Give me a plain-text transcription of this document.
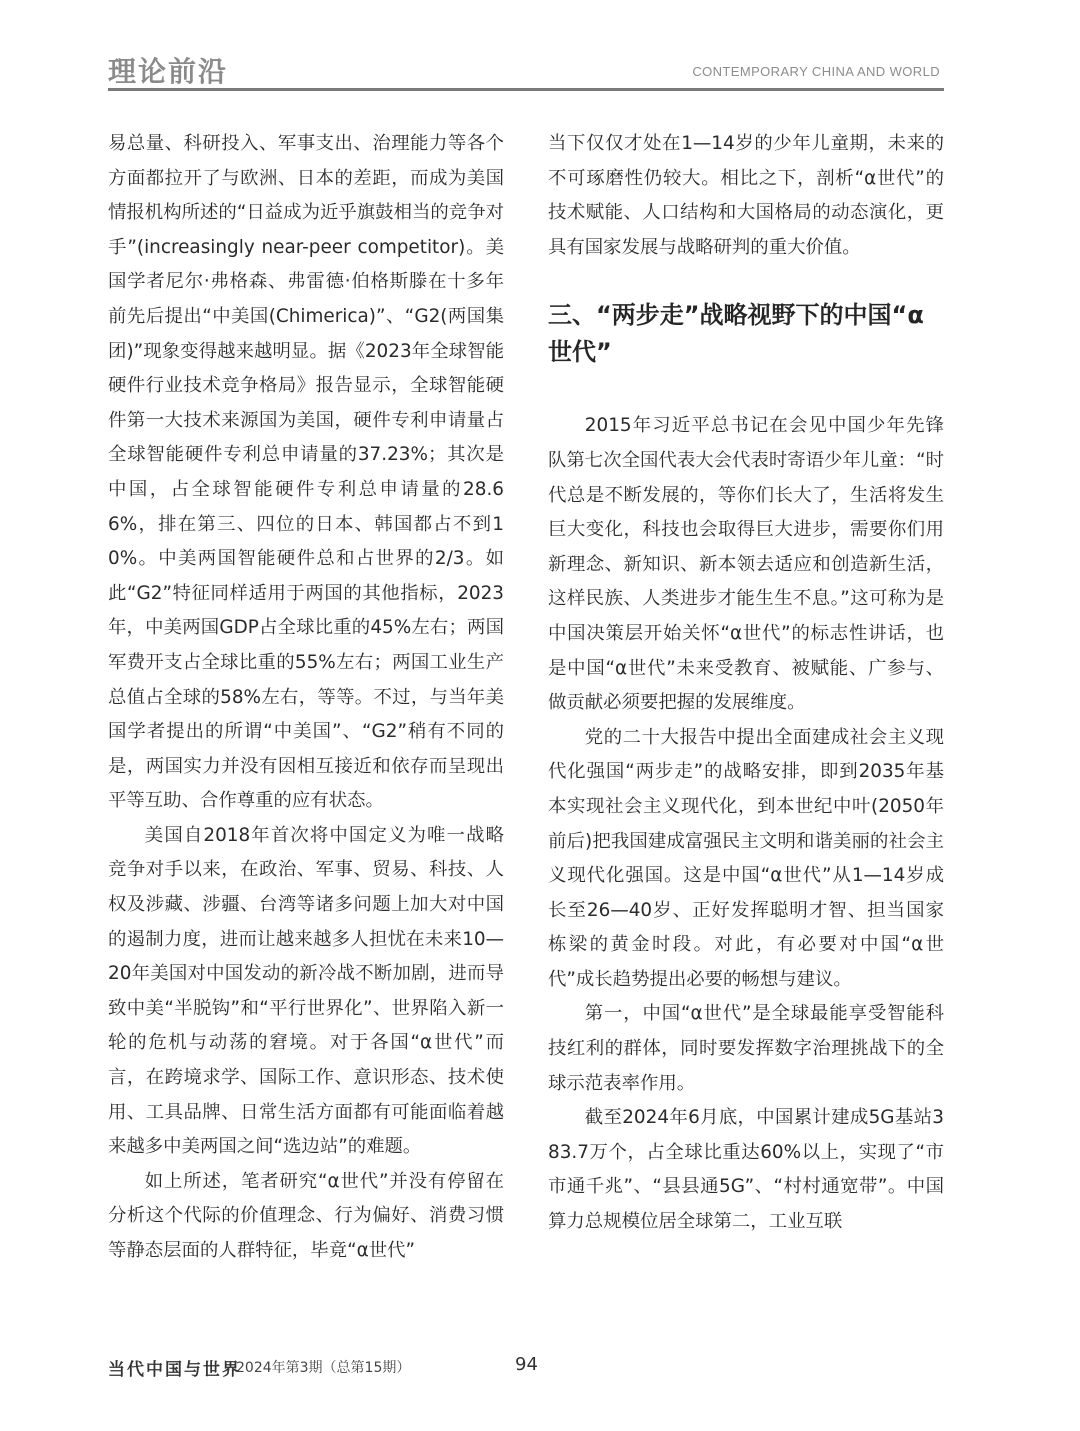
理论前沿	CONTEMPORARY CHINA AND WORLD

易总量、科研投入、军事支出、治理能力等各个方面都拉开了与欧洲、日本的差距，而成为美国情报机构所述的“日益成为近乎旗鼓相当的竞争对手”(increasingly near-peer competitor)。美国学者尼尔·弗格森、弗雷德·伯格斯滕在十多年前先后提出“中美国(Chimerica)”、“G2(两国集团)”现象变得越来越明显。据《2023年全球智能硬件行业技术竞争格局》报告显示，全球智能硬件第一大技术来源国为美国，硬件专利申请量占全球智能硬件专利总申请量的37.23%；其次是中国，占全球智能硬件专利总申请量的28.66%，排在第三、四位的日本、韩国都占不到10%。中美两国智能硬件总和占世界的2/3。如此“G2”特征同样适用于两国的其他指标，2023年，中美两国GDP占全球比重的45%左右；两国军费开支占全球比重的55%左右；两国工业生产总值占全球的58%左右，等等。不过，与当年美国学者提出的所谓“中美国”、“G2”稍有不同的是，两国实力并没有因相互接近和依存而呈现出平等互助、合作尊重的应有状态。

美国自2018年首次将中国定义为唯一战略竞争对手以来，在政治、军事、贸易、科技、人权及涉藏、涉疆、台湾等诸多问题上加大对中国的遏制力度，进而让越来越多人担忧在未来10—20年美国对中国发动的新冷战不断加剧，进而导致中美“半脱钩”和“平行世界化”、世界陷入新一轮的危机与动荡的窘境。对于各国“α世代”而言，在跨境求学、国际工作、意识形态、技术使用、工具品牌、日常生活方面都有可能面临着越来越多中美两国之间“选边站”的难题。

如上所述，笔者研究“α世代”并没有停留在分析这个代际的价值理念、行为偏好、消费习惯等静态层面的人群特征，毕竟“α世代”

当下仅仅才处在1—14岁的少年儿童期，未来的不可琢磨性仍较大。相比之下，剖析“α世代”的技术赋能、人口结构和大国格局的动态演化，更具有国家发展与战略研判的重大价值。

三、“两步走”战略视野下的中国“α世代”

2015年习近平总书记在会见中国少年先锋队第七次全国代表大会代表时寄语少年儿童：“时代总是不断发展的，等你们长大了，生活将发生巨大变化，科技也会取得巨大进步，需要你们用新理念、新知识、新本领去适应和创造新生活，这样民族、人类进步才能生生不息。”这可称为是中国决策层开始关怀“α世代”的标志性讲话，也是中国“α世代”未来受教育、被赋能、广参与、做贡献必须要把握的发展维度。

党的二十大报告中提出全面建成社会主义现代化强国“两步走”的战略安排，即到2035年基本实现社会主义现代化，到本世纪中叶(2050年前后)把我国建成富强民主文明和谐美丽的社会主义现代化强国。这是中国“α世代”从1—14岁成长至26—40岁、正好发挥聪明才智、担当国家栋梁的黄金时段。对此，有必要对中国“α世代”成长趋势提出必要的畅想与建议。

第一，中国“α世代”是全球最能享受智能科技红利的群体，同时要发挥数字治理挑战下的全球示范表率作用。

截至2024年6月底，中国累计建成5G基站383.7万个，占全球比重达60%以上，实现了“市市通千兆”、“县县通5G”、“村村通宽带”。中国算力总规模位居全球第二，工业互联

当代中国与世界
2024年第3期（总第15期）	94
